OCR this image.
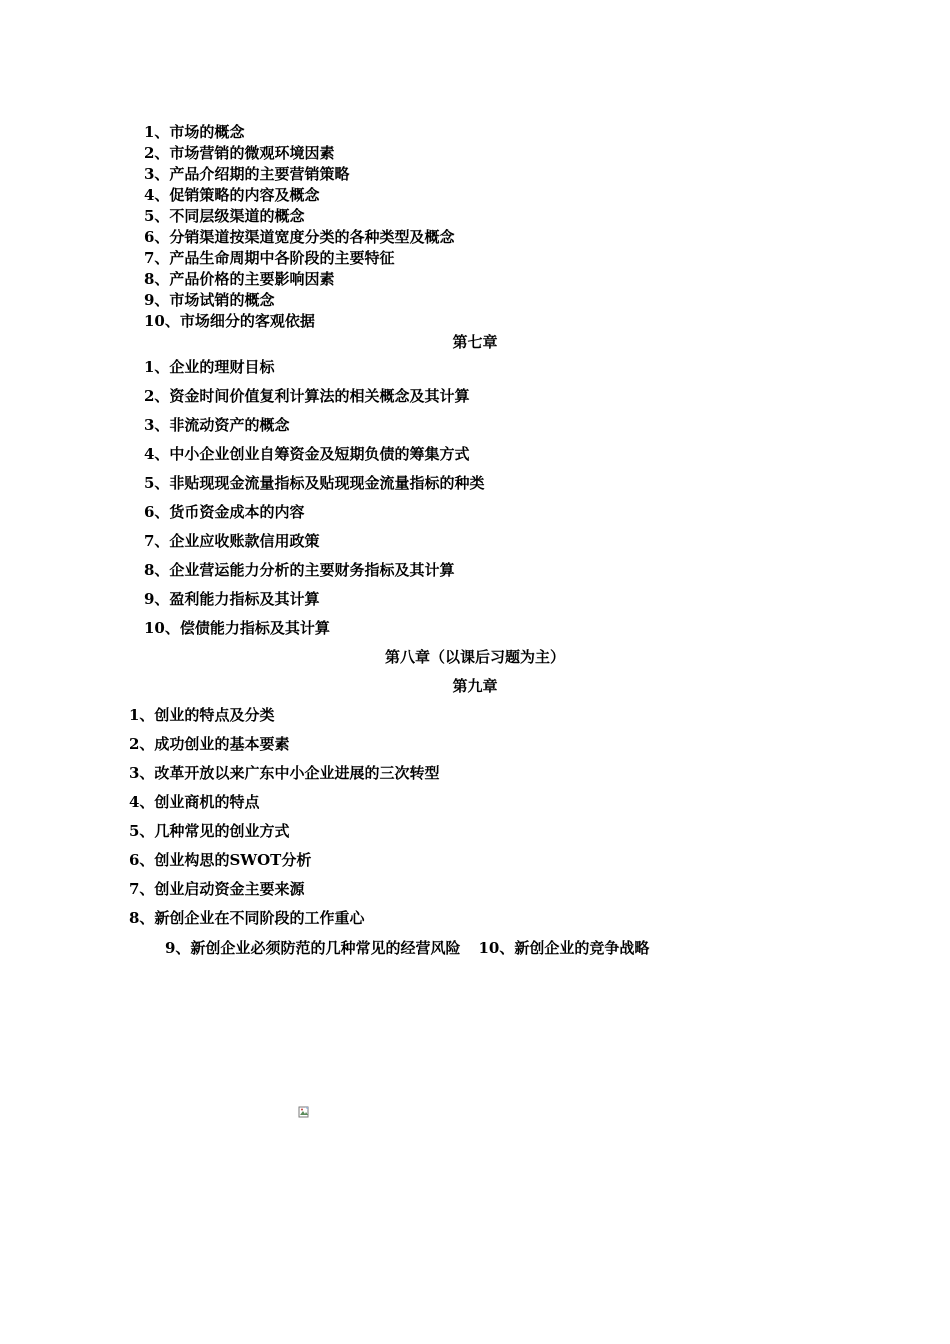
1、市场的概念
2、市场营销的微观环境因素
3、产品介绍期的主要营销策略
4、促销策略的内容及概念
5、不同层级渠道的概念
6、分销渠道按渠道宽度分类的各种类型及概念
7、产品生命周期中各阶段的主要特征
8、产品价格的主要影响因素
9、市场试销的概念
10、市场细分的客观依据
第七章
1、企业的理财目标
2、资金时间价值复利计算法的相关概念及其计算
3、非流动资产的概念
4、中小企业创业自筹资金及短期负债的筹集方式
5、非贴现现金流量指标及贴现现金流量指标的种类
6、货币资金成本的内容
7、企业应收账款信用政策
8、企业营运能力分析的主要财务指标及其计算
9、盈利能力指标及其计算
10、偿债能力指标及其计算
第八章（以课后习题为主）
第九章
1、创业的特点及分类
2、成功创业的基本要素
3、改革开放以来广东中小企业进展的三次转型
4、创业商机的特点
5、几种常见的创业方式
6、创业构思的SWOT分析
7、创业启动资金主要来源
8、新创企业在不同阶段的工作重心
9、新创企业必须防范的几种常见的经营风险 10、新创企业的竞争战略
